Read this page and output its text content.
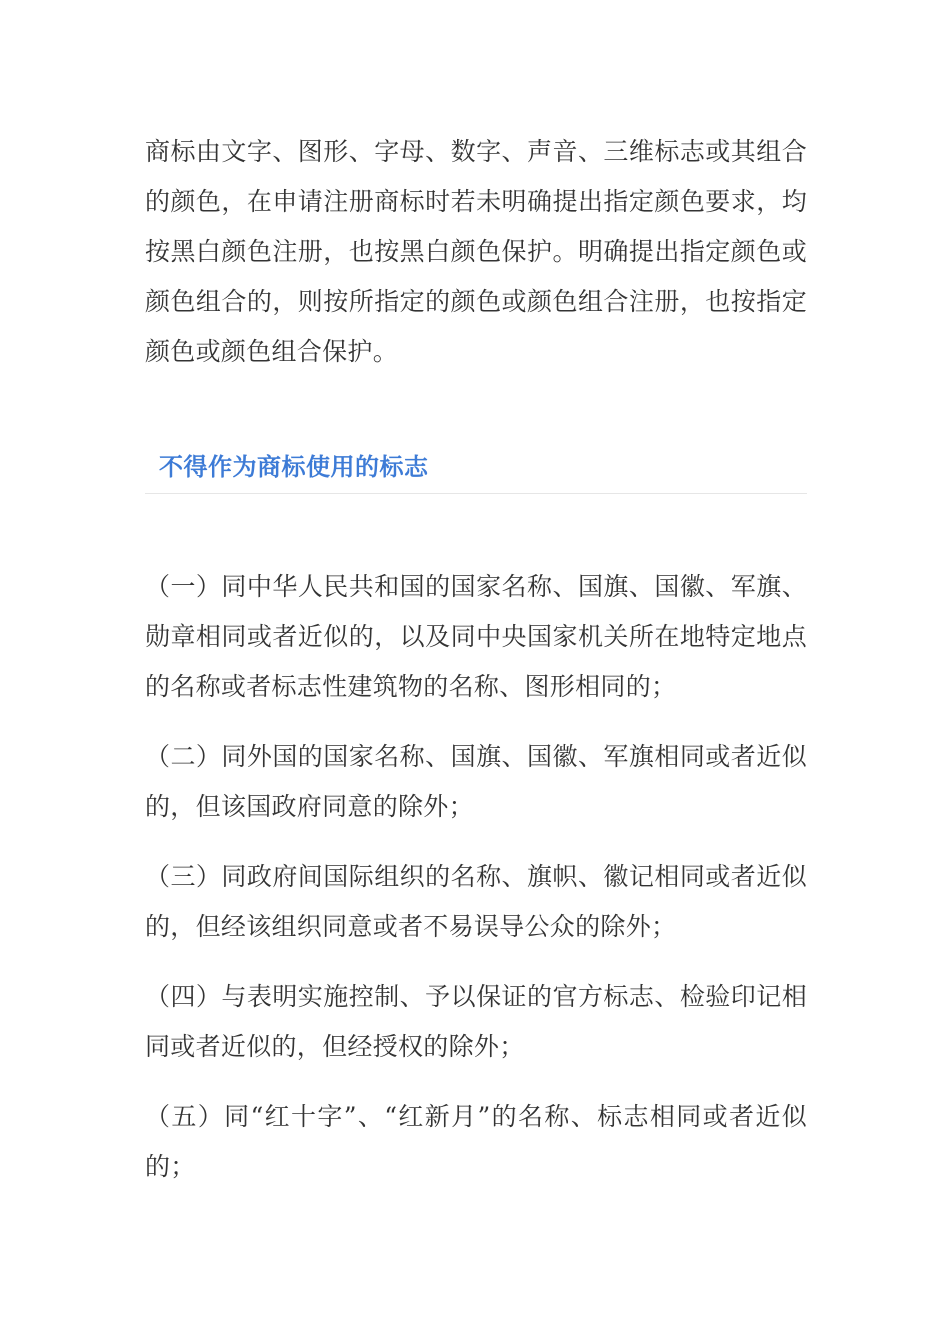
商标由文字、图形、字母、数字、声音、三维标志或其组合的颜色，在申请注册商标时若未明确提出指定颜色要求，均按黑白颜色注册，也按黑白颜色保护。明确提出指定颜色或颜色组合的，则按所指定的颜色或颜色组合注册，也按指定颜色或颜色组合保护。

不得作为商标使用的标志

（一）同中华人民共和国的国家名称、国旗、国徽、军旗、勋章相同或者近似的，以及同中央国家机关所在地特定地点的名称或者标志性建筑物的名称、图形相同的；

（二）同外国的国家名称、国旗、国徽、军旗相同或者近似的，但该国政府同意的除外；

（三）同政府间国际组织的名称、旗帜、徽记相同或者近似的，但经该组织同意或者不易误导公众的除外；

（四）与表明实施控制、予以保证的官方标志、检验印记相同或者近似的，但经授权的除外；

（五）同“红十字”、“红新月”的名称、标志相同或者近似的；
